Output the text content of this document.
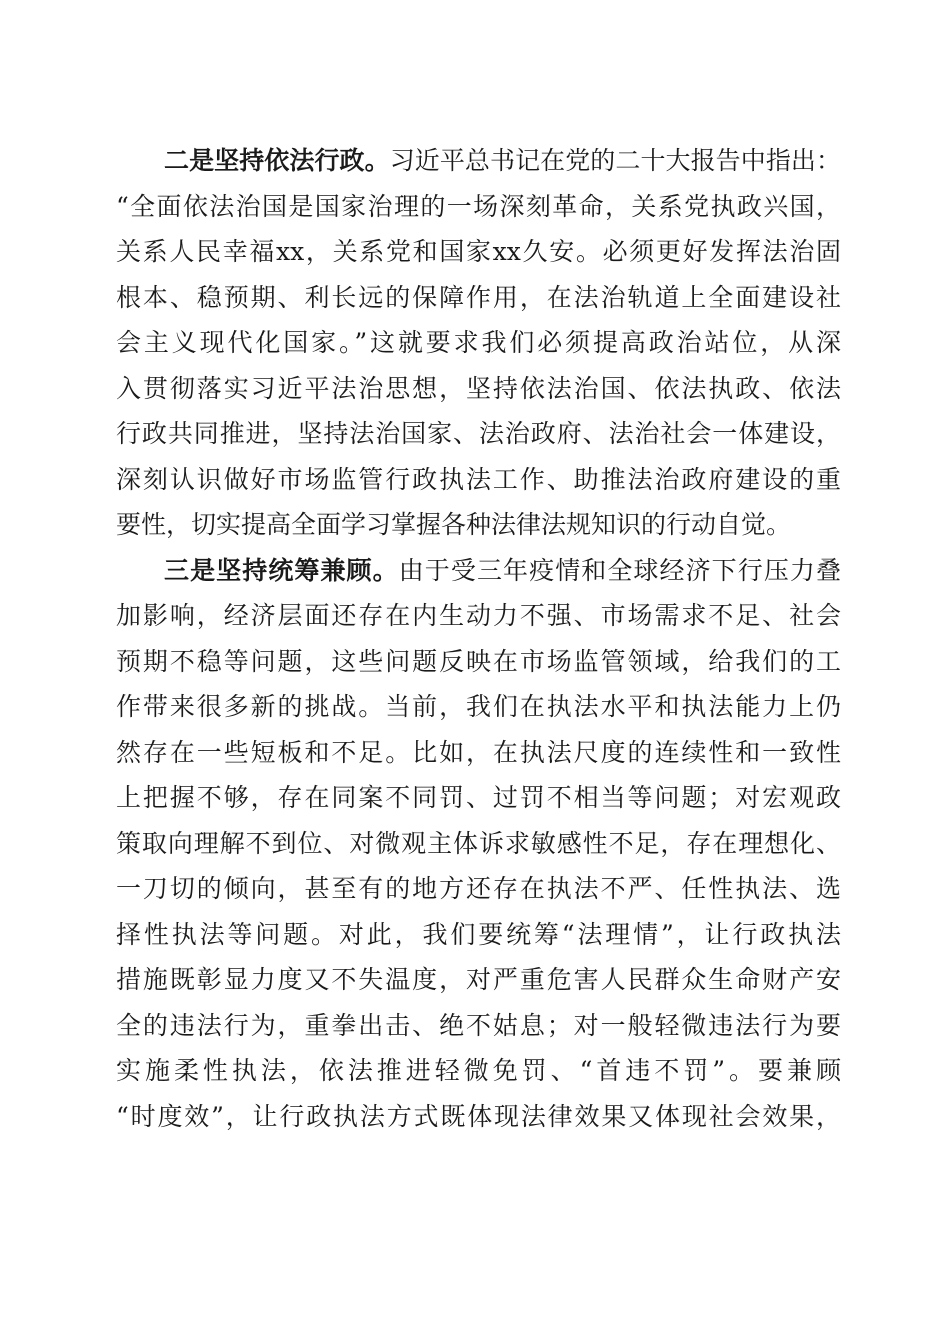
二是坚持依法行政。习近平总书记在党的二十大报告中指出：
“全面依法治国是国家治理的一场深刻革命，关系党执政兴国，
关系人民幸福xx，关系党和国家xx久安。必须更好发挥法治固
根本、稳预期、利长远的保障作用，在法治轨道上全面建设社
会主义现代化国家。”这就要求我们必须提高政治站位，从深
入贯彻落实习近平法治思想，坚持依法治国、依法执政、依法
行政共同推进，坚持法治国家、法治政府、法治社会一体建设，
深刻认识做好市场监管行政执法工作、助推法治政府建设的重
要性，切实提高全面学习掌握各种法律法规知识的行动自觉。
三是坚持统筹兼顾。由于受三年疫情和全球经济下行压力叠
加影响，经济层面还存在内生动力不强、市场需求不足、社会
预期不稳等问题，这些问题反映在市场监管领域，给我们的工
作带来很多新的挑战。当前，我们在执法水平和执法能力上仍
然存在一些短板和不足。比如，在执法尺度的连续性和一致性
上把握不够，存在同案不同罚、过罚不相当等问题；对宏观政
策取向理解不到位、对微观主体诉求敏感性不足，存在理想化、
一刀切的倾向，甚至有的地方还存在执法不严、任性执法、选
择性执法等问题。对此，我们要统筹“法理情”，让行政执法
措施既彰显力度又不失温度，对严重危害人民群众生命财产安
全的违法行为，重拳出击、绝不姑息；对一般轻微违法行为要
实施柔性执法，依法推进轻微免罚、“首违不罚”。要兼顾
“时度效”，让行政执法方式既体现法律效果又体现社会效果，
